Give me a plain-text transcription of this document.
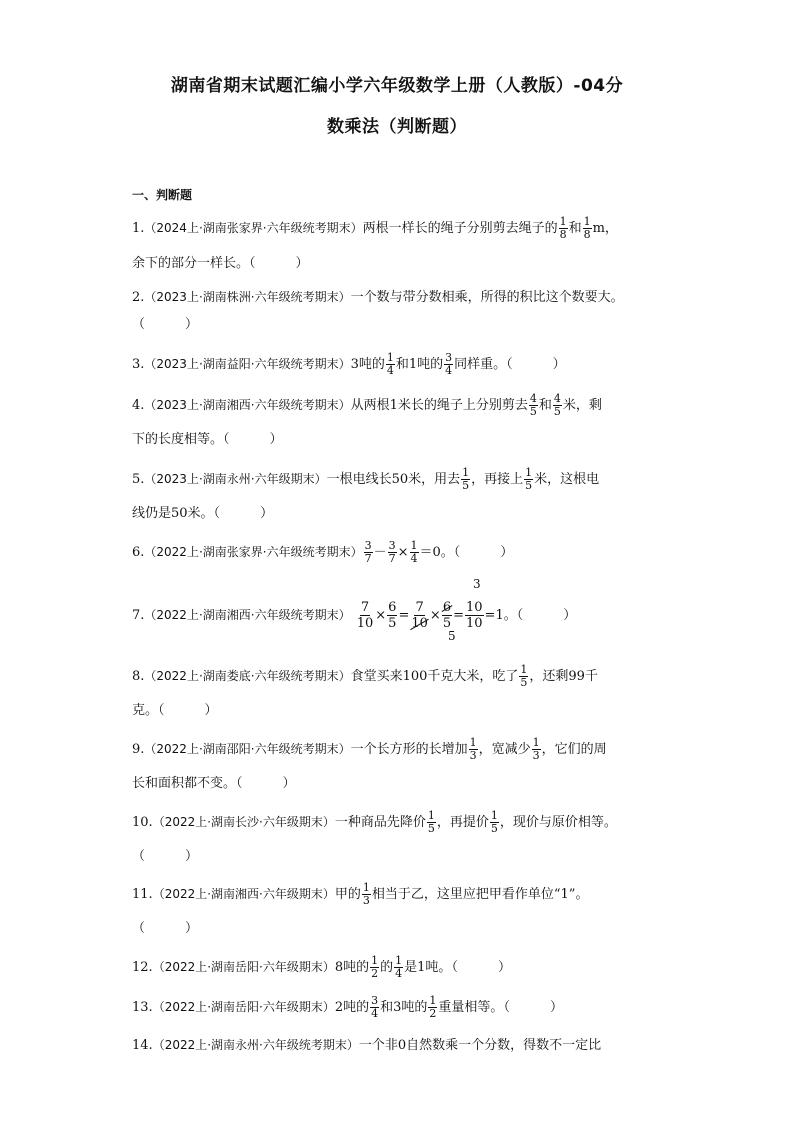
湖南省期末试题汇编小学六年级数学上册（人教版）-04分
数乘法（判断题）
一、判断题
1.（2024上·湖南张家界·六年级统考期末）两根一样长的绳子分别剪去绳子的 $\frac{1}{8}$ 和 $\frac{1}{8}$ m，
余下的部分一样长。（	）
2.（2023上·湖南株洲·六年级统考期末）一个数与带分数相乘，所得的积比这个数要大。
（	）
3.（2023上·湖南益阳·六年级统考期末）3吨的 $\frac{1}{4}$ 和1吨的 $\frac{3}{4}$ 同样重。（	）
4.（2023上·湖南湘西·六年级统考期末）从两根1米长的绳子上分别剪去 $\frac{4}{5}$ 和 $\frac{4}{5}$ 米，剩
下的长度相等。（	）
5.（2023上·湖南永州·六年级期末）一根电线长50米，用去 $\frac{1}{5}$ ，再接上 $\frac{1}{5}$ 米，这根电
线仍是50米。（	）
6.（2022上·湖南张家界·六年级统考期末） $\frac{3}{7} - \frac{3}{7} \times \frac{1}{4} =0$。（	）
7.（2022上·湖南湘西·六年级统考期末） $\frac{7}{10} \times \frac{6}{5} = \frac{7}{10} \times \frac{6}{5} = \frac{10}{10} =1$。（	）
3
5
8.（2022上·湖南娄底·六年级统考期末）食堂买来100千克大米，吃了 $\frac{1}{5}$ ，还剩99千
克。（	）
9.（2022上·湖南邵阳·六年级统考期末）一个长方形的长增加 $\frac{1}{3}$ ，宽减少 $\frac{1}{3}$ ，它们的周
长和面积都不变。（	）
10.（2022上·湖南长沙·六年级期末）一种商品先降价 $\frac{1}{5}$ ，再提价 $\frac{1}{5}$ ，现价与原价相等。
（	）
11.（2022上·湖南湘西·六年级期末）甲的 $\frac{1}{3}$ 相当于乙，这里应把甲看作单位“1”。
（	）
12.（2022上·湖南岳阳·六年级期末）8吨的 $\frac{1}{2}$ 的 $\frac{1}{4}$ 是1吨。（	）
13.（2022上·湖南岳阳·六年级期末）2吨的 $\frac{3}{4}$ 和3吨的 $\frac{1}{2}$ 重量相等。（	）
14.（2022上·湖南永州·六年级统考期末）一个非0自然数乘一个分数，得数不一定比
